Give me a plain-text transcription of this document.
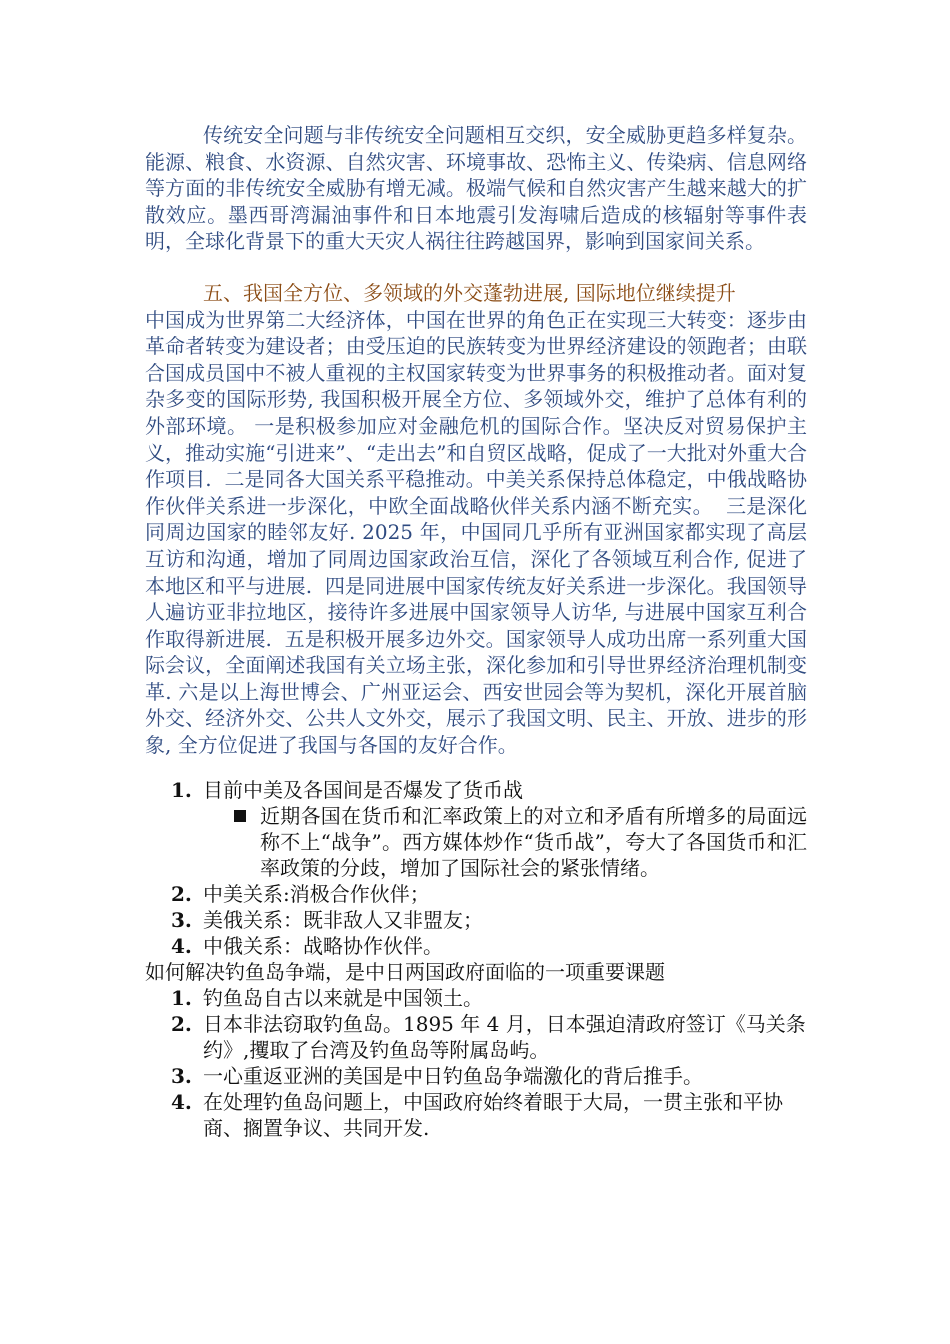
传统安全问题与非传统安全问题相互交织，安全威胁更趋多样复杂。能源、粮食、水资源、自然灾害、环境事故、恐怖主义、传染病、信息网络等方面的非传统安全威胁有增无减。极端气候和自然灾害产生越来越大的扩散效应。墨西哥湾漏油事件和日本地震引发海啸后造成的核辐射等事件表明，全球化背景下的重大天灾人祸往往跨越国界，影响到国家间关系。

五、我国全方位、多领域的外交蓬勃进展, 国际地位继续提升

中国成为世界第二大经济体，中国在世界的角色正在实现三大转变：逐步由革命者转变为建设者；由受压迫的民族转变为世界经济建设的领跑者；由联合国成员国中不被人重视的主权国家转变为世界事务的积极推动者。面对复杂多变的国际形势, 我国积极开展全方位、多领域外交，维护了总体有利的外部环境。 一是积极参加应对金融危机的国际合作。坚决反对贸易保护主义，推动实施“引进来”、“走出去”和自贸区战略，促成了一大批对外重大合作项目.  二是同各大国关系平稳推动。中美关系保持总体稳定，中俄战略协作伙伴关系进一步深化，中欧全面战略伙伴关系内涵不断充实。  三是深化同周边国家的睦邻友好. 2025 年，中国同几乎所有亚洲国家都实现了高层互访和沟通，增加了同周边国家政治互信，深化了各领域互利合作, 促进了本地区和平与进展.  四是同进展中国家传统友好关系进一步深化。我国领导人遍访亚非拉地区，接待许多进展中国家领导人访华, 与进展中国家互利合作取得新进展.  五是积极开展多边外交。国家领导人成功出席一系列重大国际会议，全面阐述我国有关立场主张，深化参加和引导世界经济治理机制变革. 六是以上海世博会、广州亚运会、西安世园会等为契机，深化开展首脑外交、经济外交、公共人文外交，展示了我国文明、民主、开放、进步的形象, 全方位促进了我国与各国的友好合作。

1. 目前中美及各国间是否爆发了货币战
近期各国在货币和汇率政策上的对立和矛盾有所增多的局面远称不上“战争”。西方媒体炒作“货币战”，夸大了各国货币和汇率政策的分歧，增加了国际社会的紧张情绪。
2. 中美关系:消极合作伙伴；
3. 美俄关系：既非敌人又非盟友；
4. 中俄关系：战略协作伙伴。

如何解决钓鱼岛争端，是中日两国政府面临的一项重要课题

1. 钓鱼岛自古以来就是中国领土。
2. 日本非法窃取钓鱼岛。1895 年 4 月，日本强迫清政府签订《马关条约》,攫取了台湾及钓鱼岛等附属岛屿。
3. 一心重返亚洲的美国是中日钓鱼岛争端激化的背后推手。
4. 在处理钓鱼岛问题上，中国政府始终着眼于大局，一贯主张和平协商、搁置争议、共同开发.
